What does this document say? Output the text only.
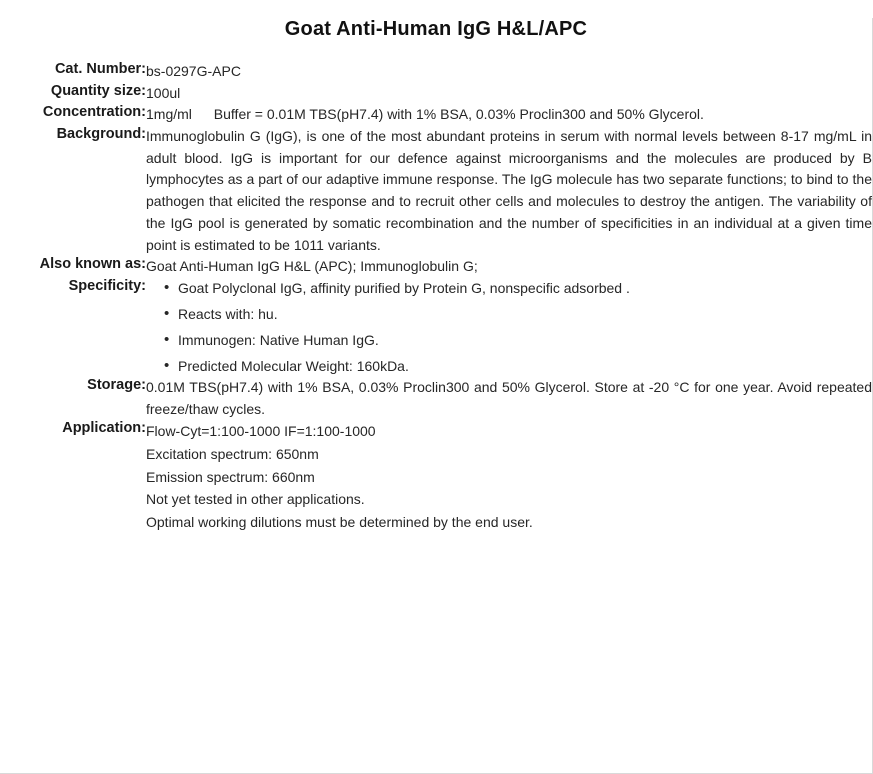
Goat Anti-Human IgG H&L/APC
Cat. Number:	bs-0297G-APC
Quantity size:	100ul
Concentration:	1mg/ml Buffer = 0.01M TBS(pH7.4) with 1% BSA, 0.03% Proclin300 and 50% Glycerol.
Background:	Immunoglobulin G (IgG), is one of the most abundant proteins in serum with normal levels between 8-17 mg/mL in adult blood. IgG is important for our defence against microorganisms and the molecules are produced by B lymphocytes as a part of our adaptive immune response. The IgG molecule has two separate functions; to bind to the pathogen that elicited the response and to recruit other cells and molecules to destroy the antigen. The variability of the IgG pool is generated by somatic recombination and the number of specificities in an individual at a given time point is estimated to be 1011 variants.
Also known as:	Goat Anti-Human IgG H&L (APC); Immunoglobulin G;
Specificity:	
•Goat Polyclonal IgG, affinity purified by Protein G, nonspecific adsorbed .
• Reacts with: hu.
• Immunogen: Native Human IgG.
• Predicted Molecular Weight: 160kDa.

Storage:	0.01M TBS(pH7.4) with 1% BSA, 0.03% Proclin300 and 50% Glycerol. Store at -20 °C for one year. Avoid repeated freeze/thaw cycles.
Application:	Flow-Cyt=1:100-1000 IF=1:100-1000
Excitation spectrum: 650nm
Emission spectrum: 660nm
Not yet tested in other applications.
Optimal working dilutions must be determined by the end user.
